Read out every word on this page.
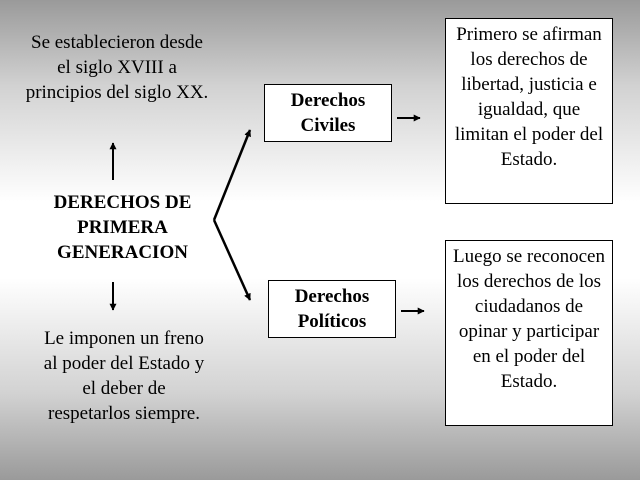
Se establecieron desde el siglo XVIII a principios del siglo XX.
DERECHOS DE PRIMERA GENERACION
Le imponen un freno al poder del Estado y el deber de respetarlos siempre.
Derechos Civiles
Derechos Políticos
Primero se afirman los derechos de libertad, justicia e igualdad, que limitan el poder del Estado.
Luego se reconocen los derechos de los ciudadanos de opinar y participar en el poder del Estado.
